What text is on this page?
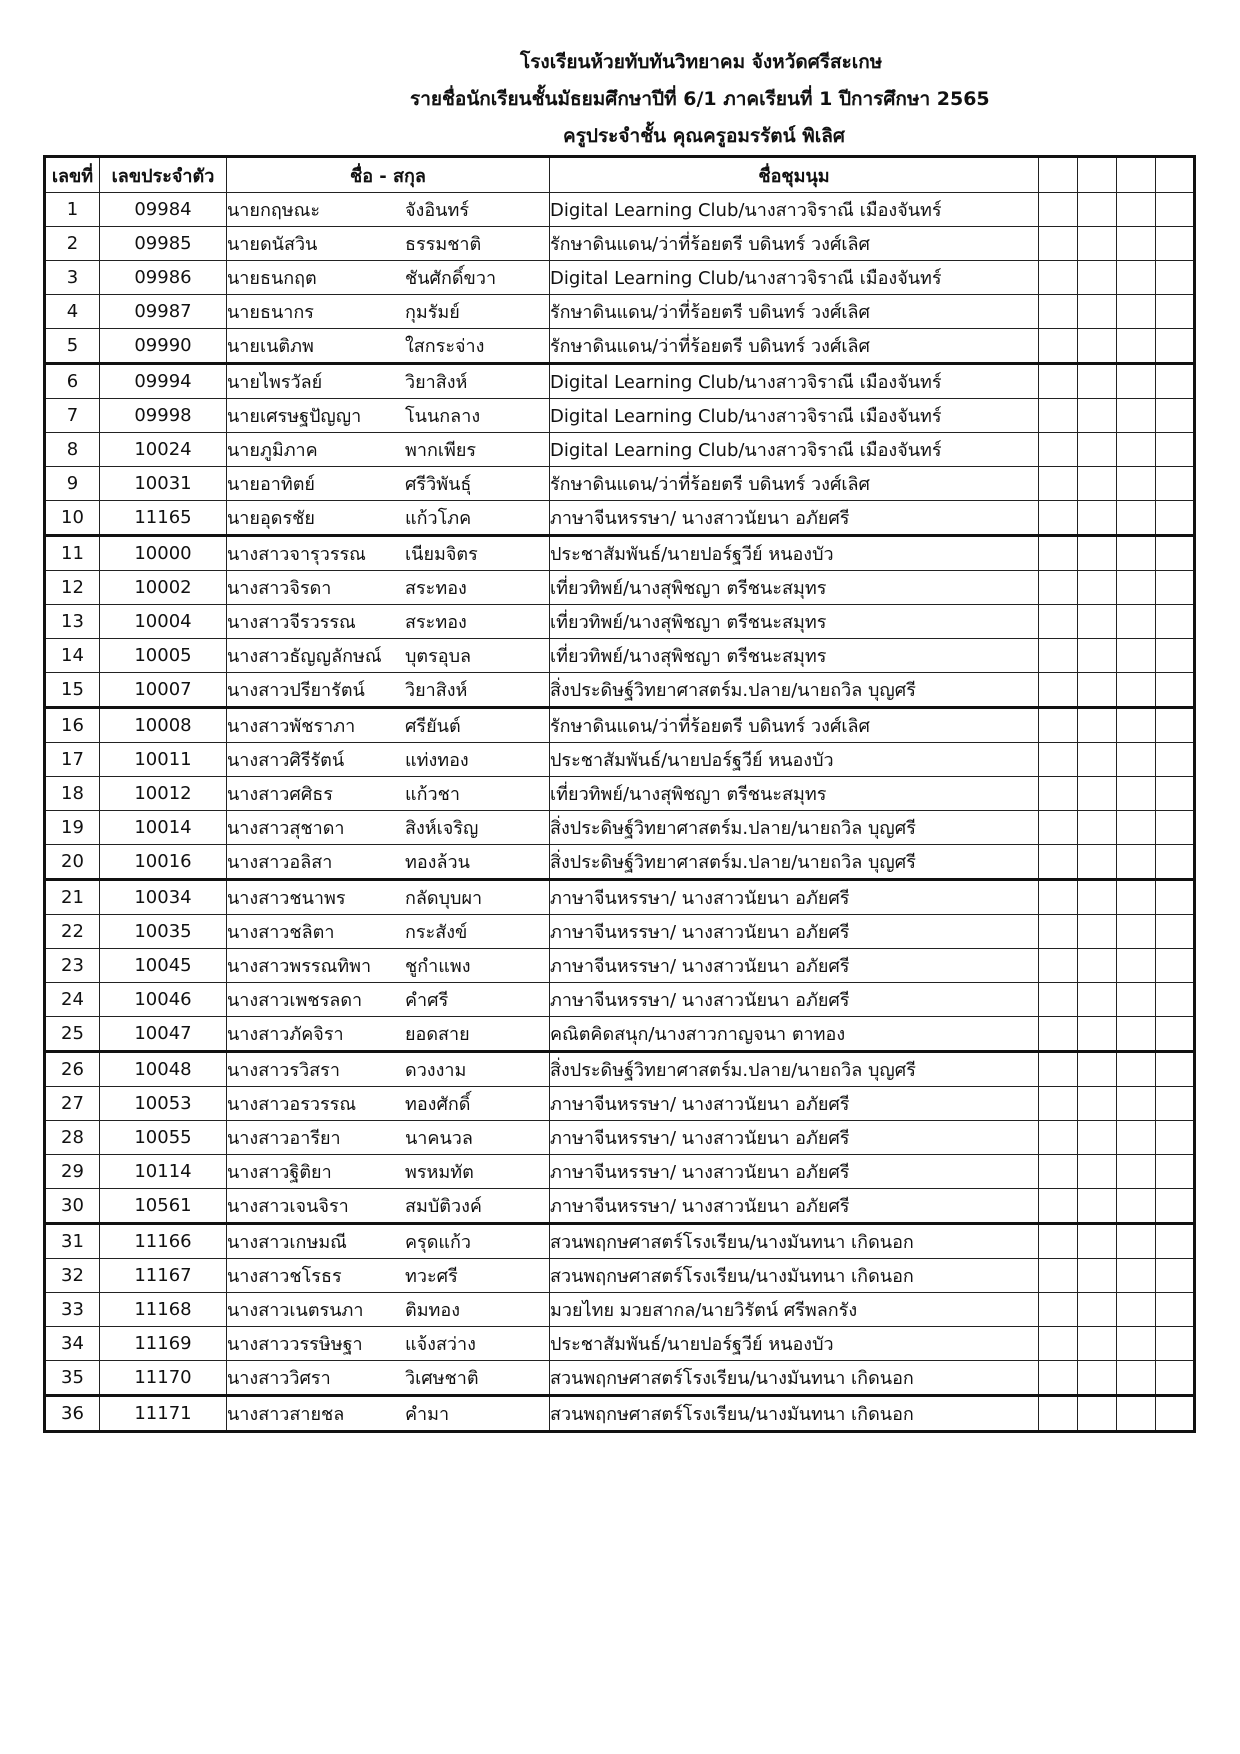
โรงเรียนห้วยทับทันวิทยาคม จังหวัดศรีสะเกษ
รายชื่อนักเรียนชั้นมัธยมศึกษาปีที่ 6/1 ภาคเรียนที่ 1 ปีการศึกษา 2565
ครูประจำชั้น คุณครูอมรรัตน์ พิเลิศ
เลขที่	เลขประจำตัว	ชื่อ - สกุล	ชื่อชุมนุม				
1	09984	นายกฤษณะ จังอินทร์	Digital Learning Club/นางสาวจิราณี เมืองจันทร์				
2	09985	นายดนัสวิน ธรรมชาติ	รักษาดินแดน/ว่าที่ร้อยตรี บดินทร์ วงศ์เลิศ				
3	09986	นายธนกฤต ชันศักดิ์ขวา	Digital Learning Club/นางสาวจิราณี เมืองจันทร์				
4	09987	นายธนากร กุมรัมย์	รักษาดินแดน/ว่าที่ร้อยตรี บดินทร์ วงศ์เลิศ				
5	09990	นายเนติภพ ใสกระจ่าง	รักษาดินแดน/ว่าที่ร้อยตรี บดินทร์ วงศ์เลิศ				
6	09994	นายไพรวัลย์ วิยาสิงห์	Digital Learning Club/นางสาวจิราณี เมืองจันทร์				
7	09998	นายเศรษฐปัญญา โนนกลาง	Digital Learning Club/นางสาวจิราณี เมืองจันทร์				
8	10024	นายภูมิภาค พากเพียร	Digital Learning Club/นางสาวจิราณี เมืองจันทร์				
9	10031	นายอาทิตย์ ศรีวิพันธุ์	รักษาดินแดน/ว่าที่ร้อยตรี บดินทร์ วงศ์เลิศ				
10	11165	นายอุดรชัย แก้วโภค	ภาษาจีนหรรษา/ นางสาวนัยนา อภัยศรี				
11	10000	นางสาวจารุวรรณ เนียมจิตร	ประชาสัมพันธ์/นายปอร์ฐวีย์ หนองบัว				
12	10002	นางสาวจิรดา สระทอง	เที่ยวทิพย์/นางสุพิชญา ตรีชนะสมุทร				
13	10004	นางสาวจีรวรรณ สระทอง	เที่ยวทิพย์/นางสุพิชญา ตรีชนะสมุทร				
14	10005	นางสาวธัญญลักษณ์ บุตรอุบล	เที่ยวทิพย์/นางสุพิชญา ตรีชนะสมุทร				
15	10007	นางสาวปรียารัตน์ วิยาสิงห์	สิ่งประดิษฐ์วิทยาศาสตร์ม.ปลาย/นายถวิล บุญศรี				
16	10008	นางสาวพัชราภา ศรียันต์	รักษาดินแดน/ว่าที่ร้อยตรี บดินทร์ วงศ์เลิศ				
17	10011	นางสาวศิรีรัตน์ แท่งทอง	ประชาสัมพันธ์/นายปอร์ฐวีย์ หนองบัว				
18	10012	นางสาวศศิธร แก้วชา	เที่ยวทิพย์/นางสุพิชญา ตรีชนะสมุทร				
19	10014	นางสาวสุชาดา สิงห์เจริญ	สิ่งประดิษฐ์วิทยาศาสตร์ม.ปลาย/นายถวิล บุญศรี				
20	10016	นางสาวอลิสา ทองล้วน	สิ่งประดิษฐ์วิทยาศาสตร์ม.ปลาย/นายถวิล บุญศรี				
21	10034	นางสาวชนาพร กลัดบุบผา	ภาษาจีนหรรษา/ นางสาวนัยนา อภัยศรี				
22	10035	นางสาวชลิตา กระสังข์	ภาษาจีนหรรษา/ นางสาวนัยนา อภัยศรี				
23	10045	นางสาวพรรณทิพา ชูกำแพง	ภาษาจีนหรรษา/ นางสาวนัยนา อภัยศรี				
24	10046	นางสาวเพชรลดา คำศรี	ภาษาจีนหรรษา/ นางสาวนัยนา อภัยศรี				
25	10047	นางสาวภัคจิรา ยอดสาย	คณิตคิดสนุก/นางสาวกาญจนา ตาทอง				
26	10048	นางสาวรวิสรา ดวงงาม	สิ่งประดิษฐ์วิทยาศาสตร์ม.ปลาย/นายถวิล บุญศรี				
27	10053	นางสาวอรวรรณ ทองศักดิ์	ภาษาจีนหรรษา/ นางสาวนัยนา อภัยศรี				
28	10055	นางสาวอารียา นาคนวล	ภาษาจีนหรรษา/ นางสาวนัยนา อภัยศรี				
29	10114	นางสาวฐิติยา พรหมทัต	ภาษาจีนหรรษา/ นางสาวนัยนา อภัยศรี				
30	10561	นางสาวเจนจิรา สมบัติวงค์	ภาษาจีนหรรษา/ นางสาวนัยนา อภัยศรี				
31	11166	นางสาวเกษมณี ครุดแก้ว	สวนพฤกษศาสตร์โรงเรียน/นางมันทนา เกิดนอก				
32	11167	นางสาวชโรธร ทวะศรี	สวนพฤกษศาสตร์โรงเรียน/นางมันทนา เกิดนอก				
33	11168	นางสาวเนตรนภา ติมทอง	มวยไทย มวยสากล/นายวิรัตน์ ศรีพลกรัง				
34	11169	นางสาววรรษิษฐา แจ้งสว่าง	ประชาสัมพันธ์/นายปอร์ฐวีย์ หนองบัว				
35	11170	นางสาววิศรา วิเศษชาติ	สวนพฤกษศาสตร์โรงเรียน/นางมันทนา เกิดนอก				
36	11171	นางสาวสายชล คำมา	สวนพฤกษศาสตร์โรงเรียน/นางมันทนา เกิดนอก				
